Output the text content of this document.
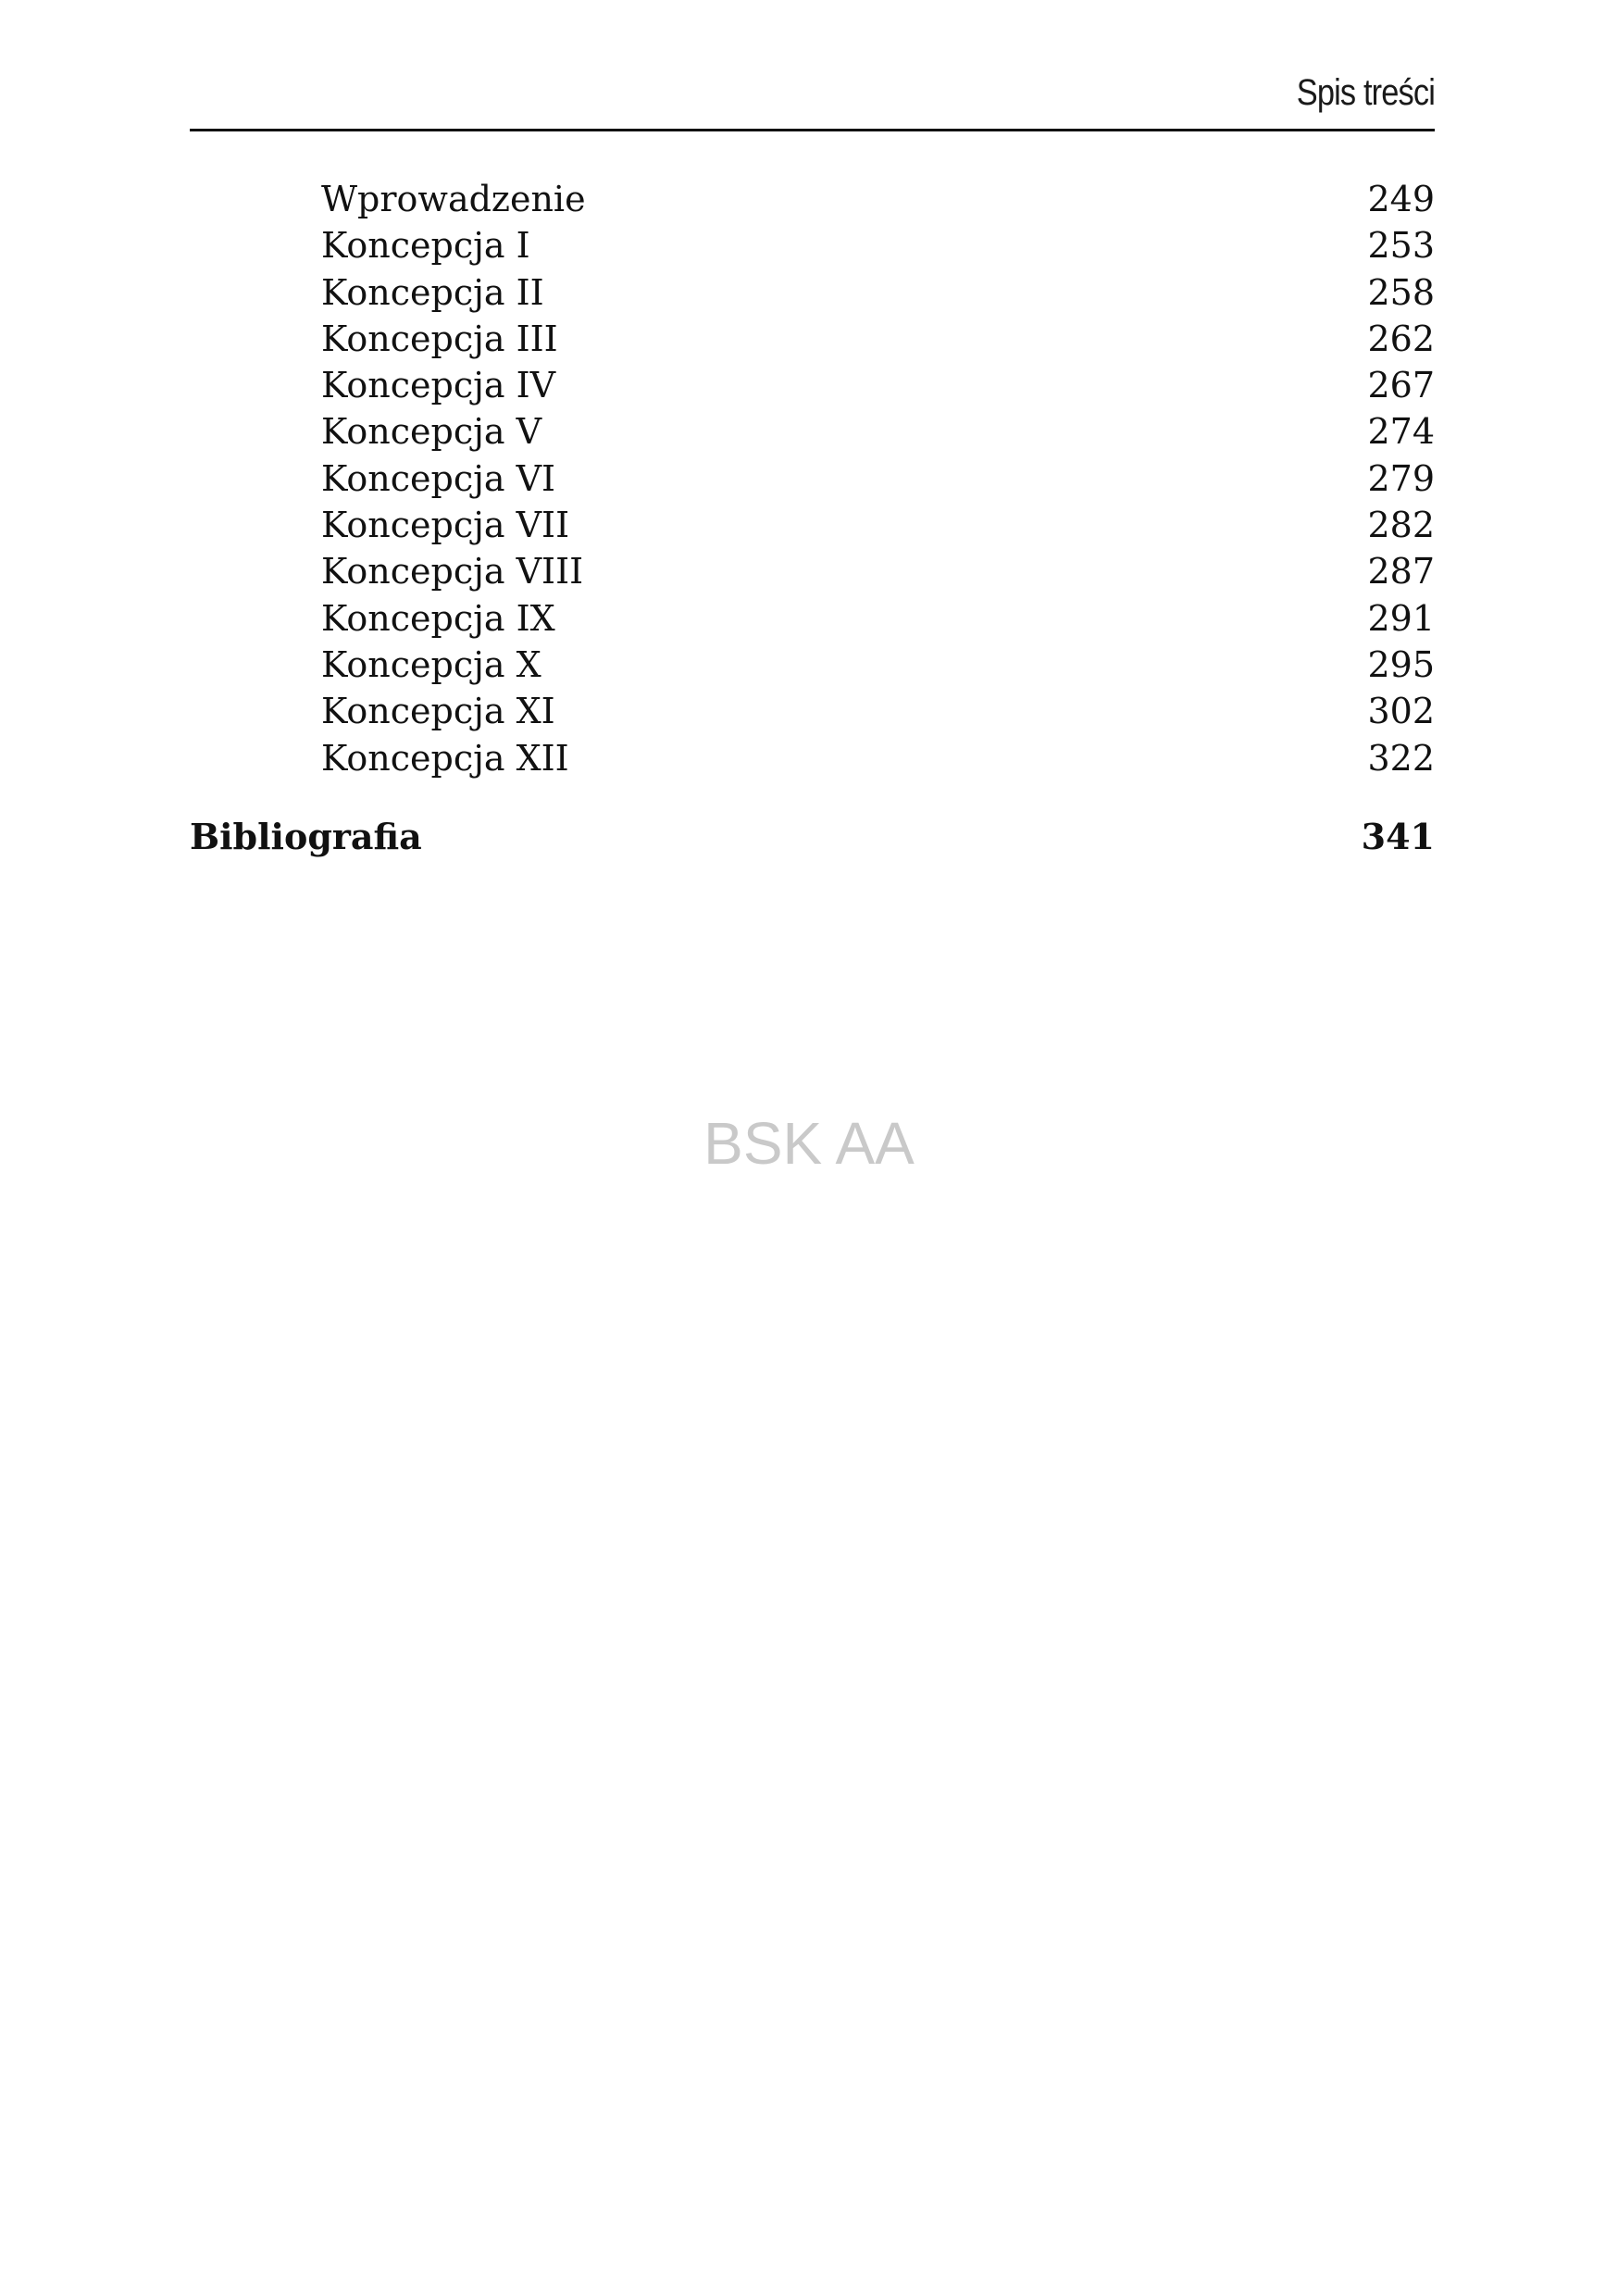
Spis treści
Wprowadzenie	249
Koncepcja I	253
Koncepcja II	258
Koncepcja III	262
Koncepcja IV	267
Koncepcja V	274
Koncepcja VI	279
Koncepcja VII	282
Koncepcja VIII	287
Koncepcja IX	291
Koncepcja X	295
Koncepcja XI	302
Koncepcja XII	322
Bibliografia	341
BSK AA
